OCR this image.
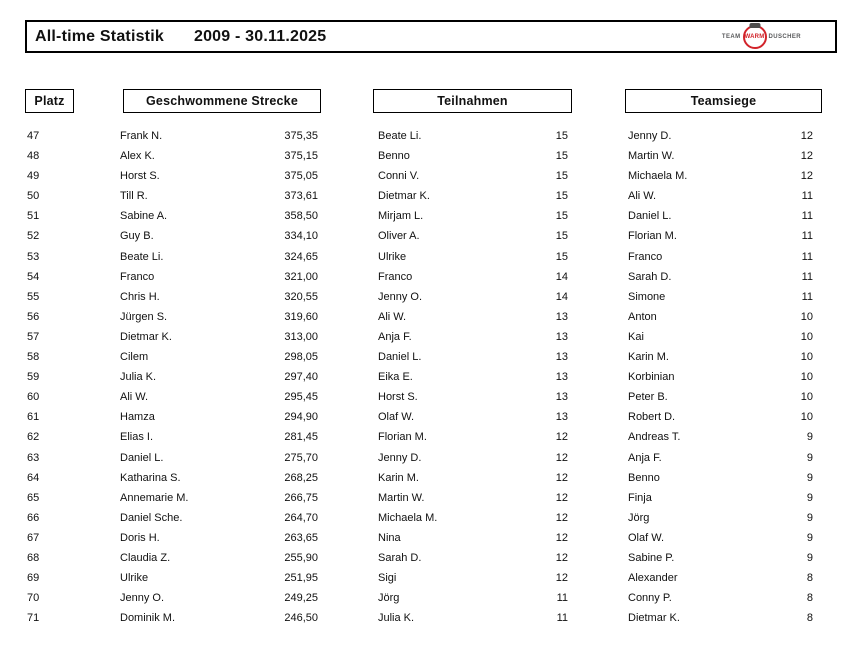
All-time Statistik 2009 - 30.11.2025	TEAM WARM DUSCHER
Platz	Geschwommene Strecke	Teilnahmen	Teamsiege
47	Frank N.	375,35	Beate Li.	15	Jenny D.	12
48	Alex K.	375,15	Benno	15	Martin W.	12
49	Horst S.	375,05	Conni V.	15	Michaela M.	12
50	Till R.	373,61	Dietmar K.	15	Ali W.	11
51	Sabine A.	358,50	Mirjam L.	15	Daniel L.	11
52	Guy B.	334,10	Oliver A.	15	Florian M.	11
53	Beate Li.	324,65	Ulrike	15	Franco	11
54	Franco	321,00	Franco	14	Sarah D.	11
55	Chris H.	320,55	Jenny O.	14	Simone	11
56	Jürgen S.	319,60	Ali W.	13	Anton	10
57	Dietmar K.	313,00	Anja F.	13	Kai	10
58	Cilem	298,05	Daniel L.	13	Karin M.	10
59	Julia K.	297,40	Eika E.	13	Korbinian	10
60	Ali W.	295,45	Horst S.	13	Peter B.	10
61	Hamza	294,90	Olaf W.	13	Robert D.	10
62	Elias I.	281,45	Florian M.	12	Andreas T.	9
63	Daniel L.	275,70	Jenny D.	12	Anja F.	9
64	Katharina S.	268,25	Karin M.	12	Benno	9
65	Annemarie M.	266,75	Martin W.	12	Finja	9
66	Daniel Sche.	264,70	Michaela M.	12	Jörg	9
67	Doris H.	263,65	Nina	12	Olaf W.	9
68	Claudia Z.	255,90	Sarah D.	12	Sabine P.	9
69	Ulrike	251,95	Sigi	12	Alexander	8
70	Jenny O.	249,25	Jörg	11	Conny P.	8
71	Dominik M.	246,50	Julia K.	11	Dietmar K.	8
